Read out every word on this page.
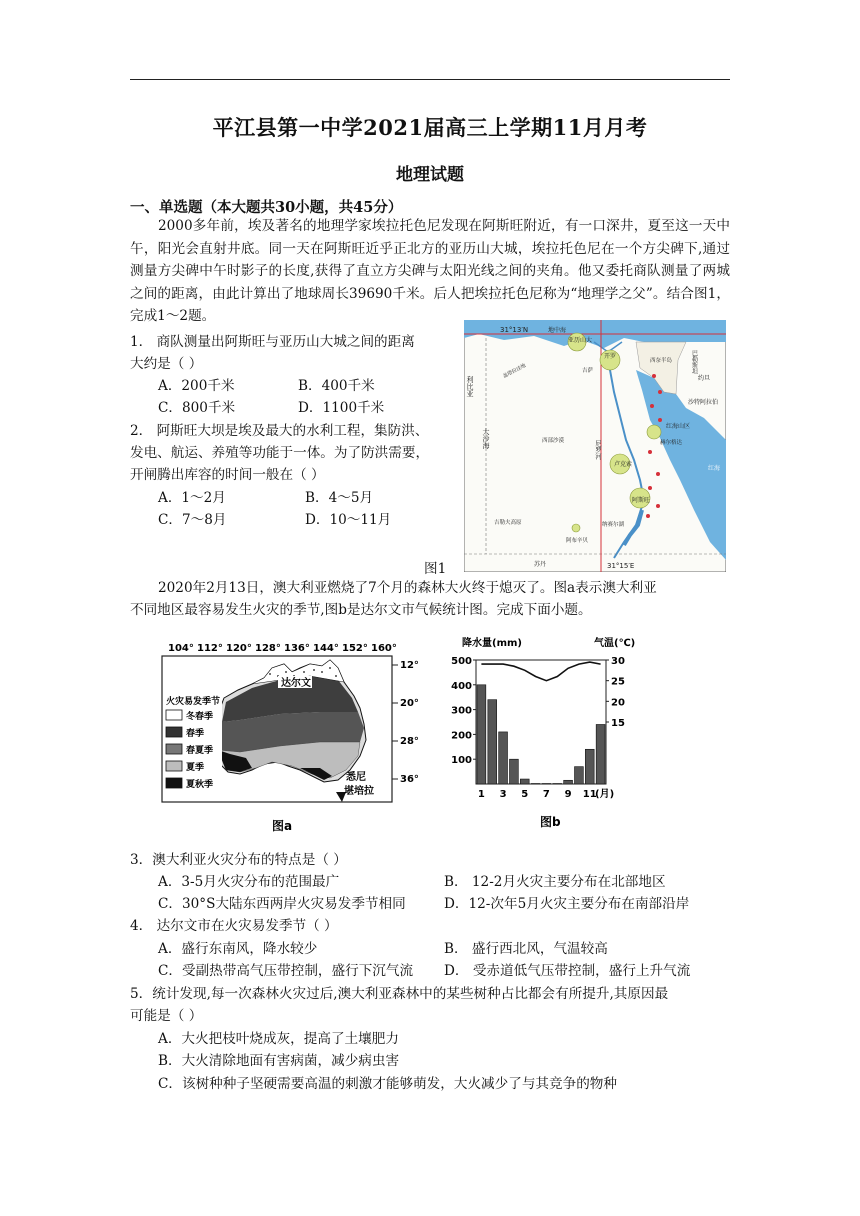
平江县第一中学2021届高三上学期11月月考
地理试题
一、单选题（本大题共30小题，共45分）
2000多年前，埃及著名的地理学家埃拉托色尼发现在阿斯旺附近，有一口深井，夏至这一天中午，阳光会直射井底。同一天在阿斯旺近乎正北方的亚历山大城，埃拉托色尼在一个方尖碑下,通过测量方尖碑中午时影子的长度,获得了直立方尖碑与太阳光线之间的夹角。他又委托商队测量了两城之间的距离，由此计算出了地球周长39690千米。后人把埃拉托色尼称为“地理学之父”。结合图1，完成1～2题。
1． 商队测量出阿斯旺与亚历山大城之间的距离
大约是（ ）
A．200千米	B．400千米
C．800千米	D．1100千米
2． 阿斯旺大坝是埃及最大的水利工程，集防洪、
发电、航运、养殖等功能于一体。为了防洪需要，
开闸腾出库容的时间一般在（ ）
A．1～2月	B．4～5月
C．7～8月	D．10～11月
31°13′N
31°15′E
地中海
亚历山大
开罗
吉萨
西奈半岛
红海山区
赫尔格达
卢克索
阿斯旺
阿布辛贝
纳赛尔湖
苏丹
巴勒斯坦
约旦
沙特阿拉伯
红海
利比亚
大沙海	西部沙漠
盖塔拉洼地
吉勒夫高原
尼罗河
图1
2020年2月13日，澳大利亚燃烧了7个月的森林大火终于熄灭了。图a表示澳大利亚
不同地区最容易发生火灾的季节,图b是达尔文市气候统计图。完成下面小题。
104° 112° 120° 128° 136° 144° 152° 160°
12°
20°
28°
36°
达尔文
悉尼
堪培拉
火灾易发季节
冬春季
春季
春夏季
夏季
夏秋季
图a
降水量(mm)	气温(℃)
100
200
300
400
500
15
20
25
30
1 3 5 7 9 11
(月)
图b
3．澳大利亚火灾分布的特点是（ ）
A．3-5月火灾分布的范围最广	B． 12-2月火灾主要分布在北部地区
C．30°S大陆东西两岸火灾易发季节相同	D．12-次年5月火灾主要分布在南部沿岸
4． 达尔文市在火灾易发季节（ ）
A．盛行东南风，降水较少	B． 盛行西北风，气温较高
C．受副热带高气压带控制，盛行下沉气流 D． 受赤道低气压带控制，盛行上升气流
5．统计发现,每一次森林火灾过后,澳大利亚森林中的某些树种占比都会有所提升,其原因最
可能是（ ）
A．大火把枝叶烧成灰，提高了土壤肥力
B．大火清除地面有害病菌，减少病虫害
C．该树种种子坚硬需要高温的刺激才能够萌发，大火减少了与其竞争的物种
